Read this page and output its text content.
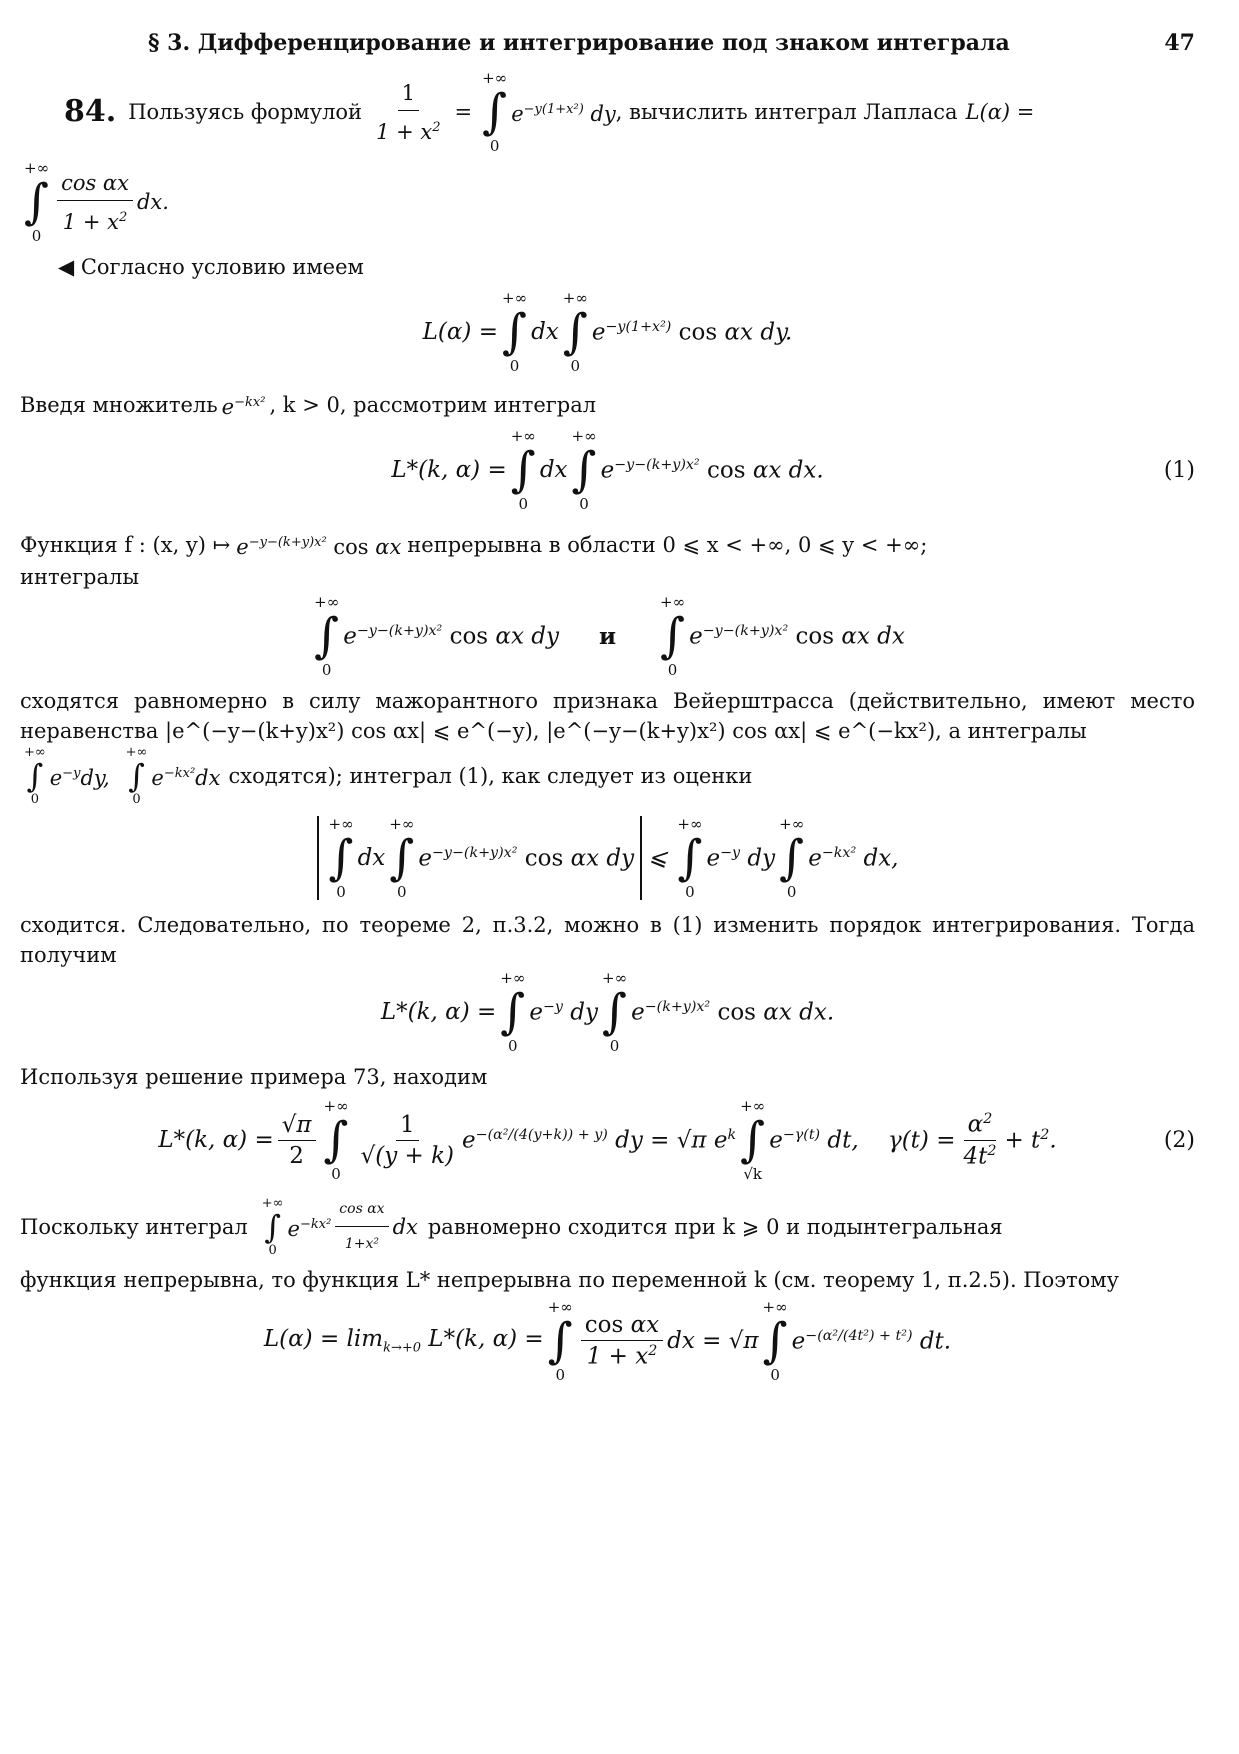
§ 3. Дифференцирование и интегрирование под знаком интеграла	47
84. Пользуясь формулой $\frac{1}{1 + x^2}$ =
+∞
∫
0
$e^{-y(1+x^2)}$ dy , вычислить интеграл Лапласа L(α) =
+∞
∫
$0 \frac{\text{cos αx}}{1 + x^2}$ dx.
◀ Согласно условию имеем
L(α) =
+∞
∫
0
dx
+∞
∫
0
$e^{-y(1+x^2)}$ cos αx dy.
Введя множитель $e^{-kx^2}$ , k > 0, рассмотрим интеграл
L*(k, α) =
+∞
∫
0
dx
+∞
∫
0
$e^{-y-(k+y)x^2}$ cos αx dx.	(1)
Функция f : (x, y) ↦ $e^{-y-(k+y)x^2}$ cos αx непрерывна в области 0 ⩽ x < +∞, 0 ⩽ y < +∞;
интегралы
+∞
∫
0
$e^{-y-(k+y)x^2}$ cos αx dy и
+∞
∫
0
$e^{-y-(k+y)x^2}$ cos αx dx
сходятся равномерно в силу мажорантного признака Вейерштрасса (действительно, имеют место неравенства |e^(−y−(k+y)x²) cos αx| ⩽ e^(−y), |e^(−y−(k+y)x²) cos αx| ⩽ e^(−kx²), а интегралы
+∞
∫
0
$e^{-y}dy$,
+∞
∫
0
$e^{-kx^2}dx$ сходятся); интеграл (1), как следует из оценки
+∞
∫
0
dx
+∞
∫
0
$e^{-y-(k+y)x^2}$ cos αx dy ⩽
+∞
∫
0
$e^{-y}$ dy
+∞
∫
0
$e^{-kx^2}$ dx,
сходится. Следовательно, по теореме 2, п.3.2, можно в (1) изменить порядок интегрирования. Тогда получим
L*(k, α) =
+∞
∫
0
$e^{-y}$ dy
+∞
∫
0
$e^{-(k+y)x^2}$ cos αx dx.
Используя решение примера 73, находим
L*(k, $\alpha) = \frac{√\pi}{2}$
+∞
∫
0
$\frac{1}{√(y + k)} e^{-(\alpha^2/(4(y+k)) + y)}$ dy = √π $e^k$
+∞
∫
√k
$e^{-\gamma(t)}$ dt,    $\gamma(t) = \frac{\alpha^2}{4t^2} + t^2$.	(2)
Поскольку интеграл
+∞
∫
0
$e^{-kx^2} \frac{\text{cos αx}}{\text{1+x²}}$ dx равномерно сходится при k ⩾ 0 и подынтегральная
функция непрерывна, то функция L* непрерывна по переменной k (см. теорему 1, п.2.5). Поэтому
$L(\alpha) = \lim_{k\to+0} L*(k$, α) =
+∞
∫
0
$\frac{\text{cos αx}}{1 + x^2}$ dx = √π
+∞
∫
0
$e^{-(\alpha^2/(4t^2) + t^2)}$ dt.
